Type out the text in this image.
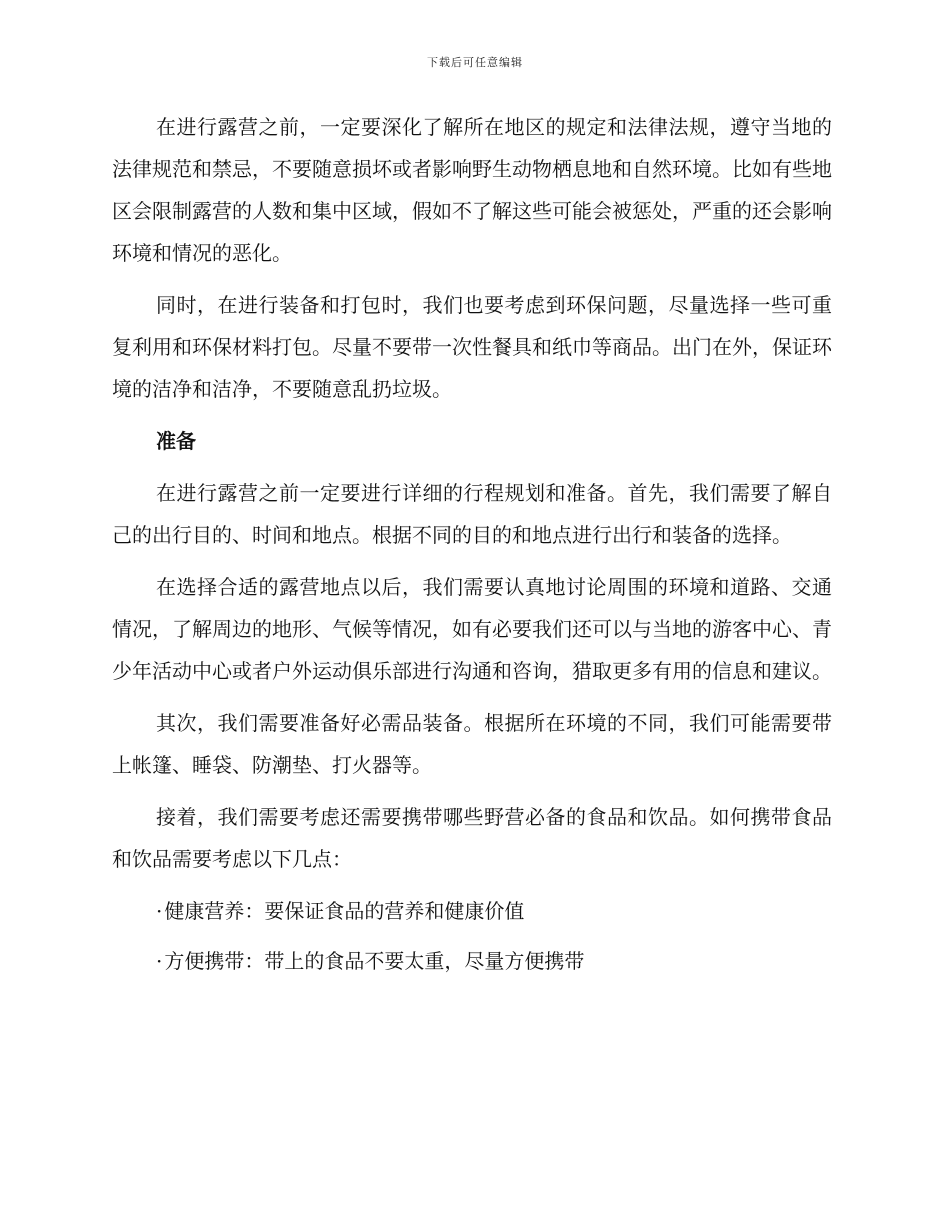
下载后可任意编辑

在进行露营之前，一定要深化了解所在地区的规定和法律法规，遵守当地的法律规范和禁忌，不要随意损坏或者影响野生动物栖息地和自然环境。比如有些地区会限制露营的人数和集中区域，假如不了解这些可能会被惩处，严重的还会影响环境和情况的恶化。

同时，在进行装备和打包时，我们也要考虑到环保问题，尽量选择一些可重复利用和环保材料打包。尽量不要带一次性餐具和纸巾等商品。出门在外，保证环境的洁净和洁净，不要随意乱扔垃圾。

准备

在进行露营之前一定要进行详细的行程规划和准备。首先，我们需要了解自己的出行目的、时间和地点。根据不同的目的和地点进行出行和装备的选择。

在选择合适的露营地点以后，我们需要认真地讨论周围的环境和道路、交通情况，了解周边的地形、气候等情况，如有必要我们还可以与当地的游客中心、青少年活动中心或者户外运动俱乐部进行沟通和咨询，猎取更多有用的信息和建议。

其次，我们需要准备好必需品装备。根据所在环境的不同，我们可能需要带上帐篷、睡袋、防潮垫、打火器等。

接着，我们需要考虑还需要携带哪些野营必备的食品和饮品。如何携带食品和饮品需要考虑以下几点：

· 健康营养：要保证食品的营养和健康价值
· 方便携带：带上的食品不要太重，尽量方便携带
